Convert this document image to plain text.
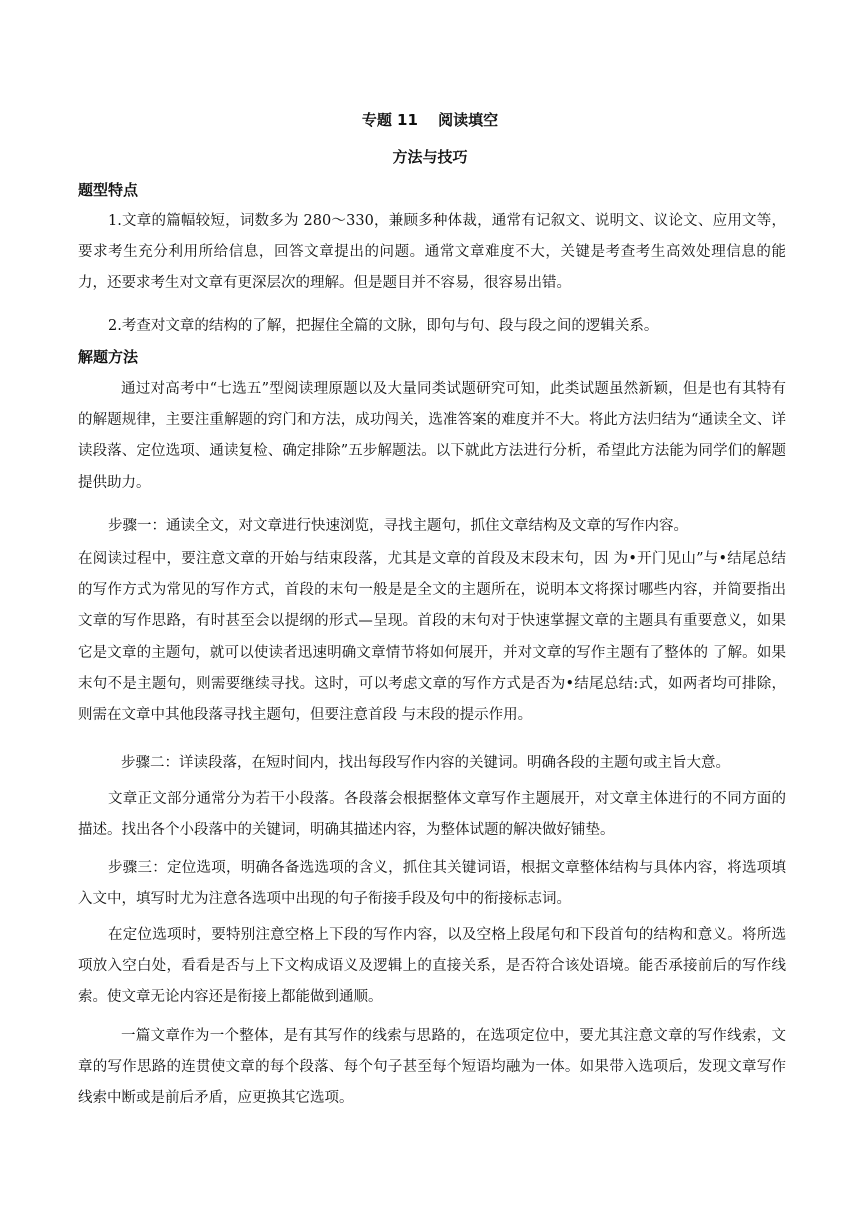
专题 11　 阅读填空
方法与技巧
题型特点

1.文章的篇幅较短，词数多为 280～330，兼顾多种体裁，通常有记叙文、说明文、议论文、应用文等，要求考生充分利用所给信息，回答文章提出的问题。通常文章难度不大，关键是考查考生高效处理信息的能力，还要求考生对文章有更深层次的理解。但是题目并不容易，很容易出错。

2.考查对文章的结构的了解，把握住全篇的文脉，即句与句、段与段之间的逻辑关系。

解题方法

通过对高考中“七选五”型阅读理原题以及大量同类试题研究可知，此类试题虽然新颖，但是也有其特有的解题规律，主要注重解题的窍门和方法，成功闯关，选准答案的难度并不大。将此方法归结为“通读全文、详读段落、定位选项、通读复检、确定排除”五步解题法。以下就此方法进行分析，希望此方法能为同学们的解题提供助力。

步骤一：通读全文，对文章进行快速浏览，寻找主题句，抓住文章结构及文章的写作内容。

在阅读过程中，要注意文章的开始与结束段落，尤其是文章的首段及末段末句，因 为•开门见山”与•结尾总结的写作方式为常见的写作方式，首段的末句一般是是全文的主题所在，说明本文将探讨哪些内容，并简要指出文章的写作思路，有时甚至会以提纲的形式—呈现。首段的末句对于快速掌握文章的主题具有重要意义，如果它是文章的主题句，就可以使读者迅速明确文章情节将如何展开，并对文章的写作主题有了整体的 了解。如果末句不是主题句，则需要继续寻找。这时，可以考虑文章的写作方式是否为•结尾总结:式，如两者均可排除，则需在文章中其他段落寻找主题句，但要注意首段 与末段的提示作用。

步骤二：详读段落，在短时间内，找出每段写作内容的关键词。明确各段的主题句或主旨大意。

文章正文部分通常分为若干小段落。各段落会根据整体文章写作主题展开，对文章主体进行的不同方面的描述。找出各个小段落中的关键词，明确其描述内容，为整体试题的解决做好铺垫。

步骤三：定位选项，明确各备选选项的含义，抓住其关键词语，根据文章整体结构与具体内容，将选项填入文中，填写时尤为注意各选项中出现的句子衔接手段及句中的衔接标志词。

在定位选项时，要特别注意空格上下段的写作内容，以及空格上段尾句和下段首句的结构和意义。将所选项放入空白处，看看是否与上下文构成语义及逻辑上的直接关系，是否符合该处语境。能否承接前后的写作线索。使文章无论内容还是衔接上都能做到通顺。

一篇文章作为一个整体，是有其写作的线索与思路的，在选项定位中，要尤其注意文章的写作线索，文章的写作思路的连贯使文章的每个段落、每个句子甚至每个短语均融为一体。如果带入选项后，发现文章写作线索中断或是前后矛盾，应更换其它选项。
